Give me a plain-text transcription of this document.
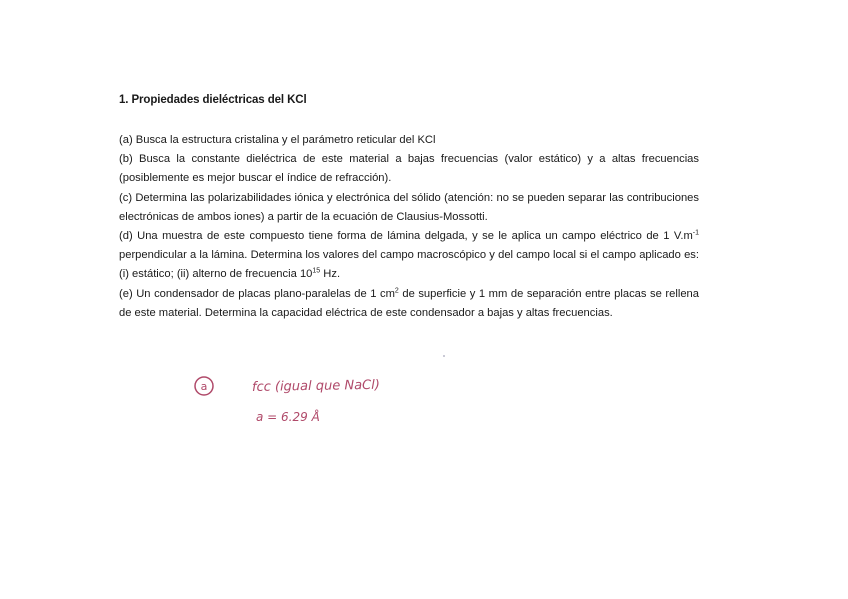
1. Propiedades dieléctricas del KCl

(a) Busca la estructura cristalina y el parámetro reticular del KCl

(b) Busca la constante dieléctrica de este material a bajas frecuencias (valor estático) y a altas frecuencias (posiblemente es mejor buscar el índice de refracción).

(c) Determina las polarizabilidades iónica y electrónica del sólido (atención: no se pueden separar las contribuciones electrónicas de ambos iones) a partir de la ecuación de Clausius-Mossotti.

(d) Una muestra de este compuesto tiene forma de lámina delgada, y se le aplica un campo eléctrico de 1 $V.m^{-1}$ perpendicular a la lámina. Determina los valores del campo macroscópico y del campo local si el campo aplicado es: (i) estático; (ii) alterno de frecuencia $10^{15}$ Hz.

(e) Un condensador de placas plano-paralelas de 1 $cm^2$ de superficie y 1 mm de separación entre placas se rellena de este material. Determina la capacidad eléctrica de este condensador a bajas y altas frecuencias.

a	fcc (igual que NaCl)
a = 6.29 Å
